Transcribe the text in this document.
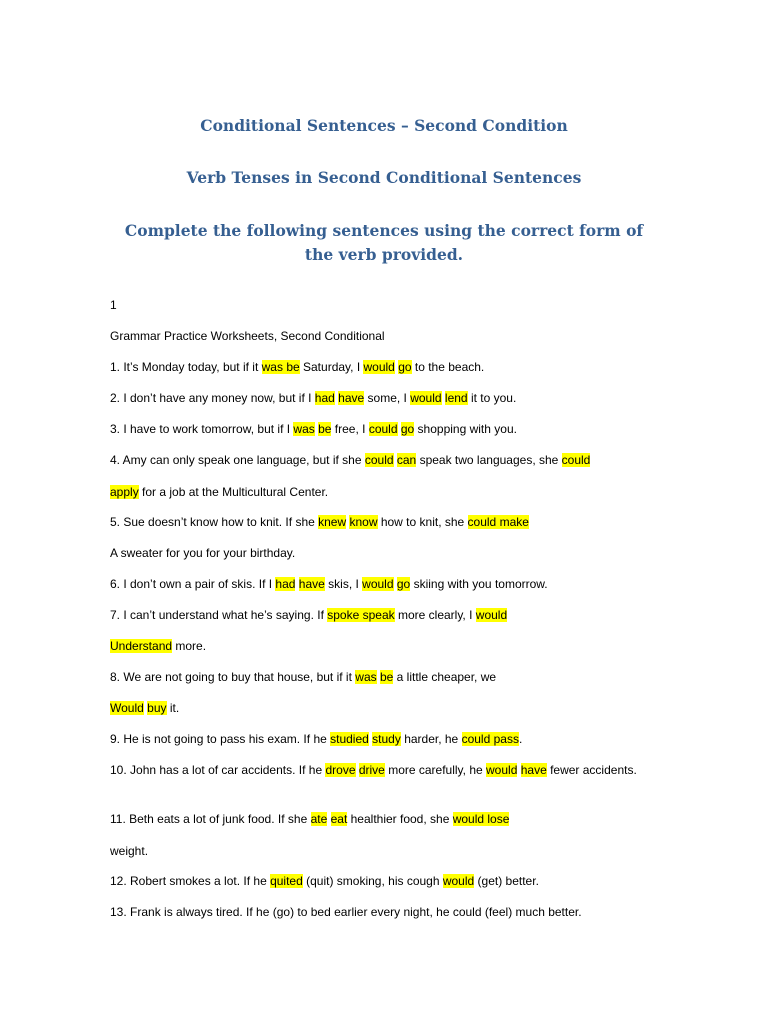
Conditional Sentences – Second Condition
Verb Tenses in Second Conditional Sentences
Complete the following sentences using the correct form of the verb provided.
1
Grammar Practice Worksheets, Second Conditional
1. It’s Monday today, but if it was be Saturday, I would go to the beach.
2. I don’t have any money now, but if I had have some, I would lend it to you.
3. I have to work tomorrow, but if I was be free, I could go shopping with you.
4. Amy can only speak one language, but if she could can speak two languages, she could
apply for a job at the Multicultural Center.
5. Sue doesn’t know how to knit. If she knew know how to knit, she could make
A sweater for you for your birthday.
6. I don’t own a pair of skis. If I had have skis, I would go skiing with you tomorrow.
7. I can’t understand what he’s saying. If spoke speak more clearly, I would
Understand more.
8. We are not going to buy that house, but if it was be a little cheaper, we
Would buy it.
9. He is not going to pass his exam. If he studied study harder, he could pass.
10. John has a lot of car accidents. If he drove drive more carefully, he would have fewer accidents.
11. Beth eats a lot of junk food. If she ate eat healthier food, she would lose
weight.
12. Robert smokes a lot. If he quited (quit) smoking, his cough would (get) better.
13. Frank is always tired. If he (go) to bed earlier every night, he could (feel) much better.
